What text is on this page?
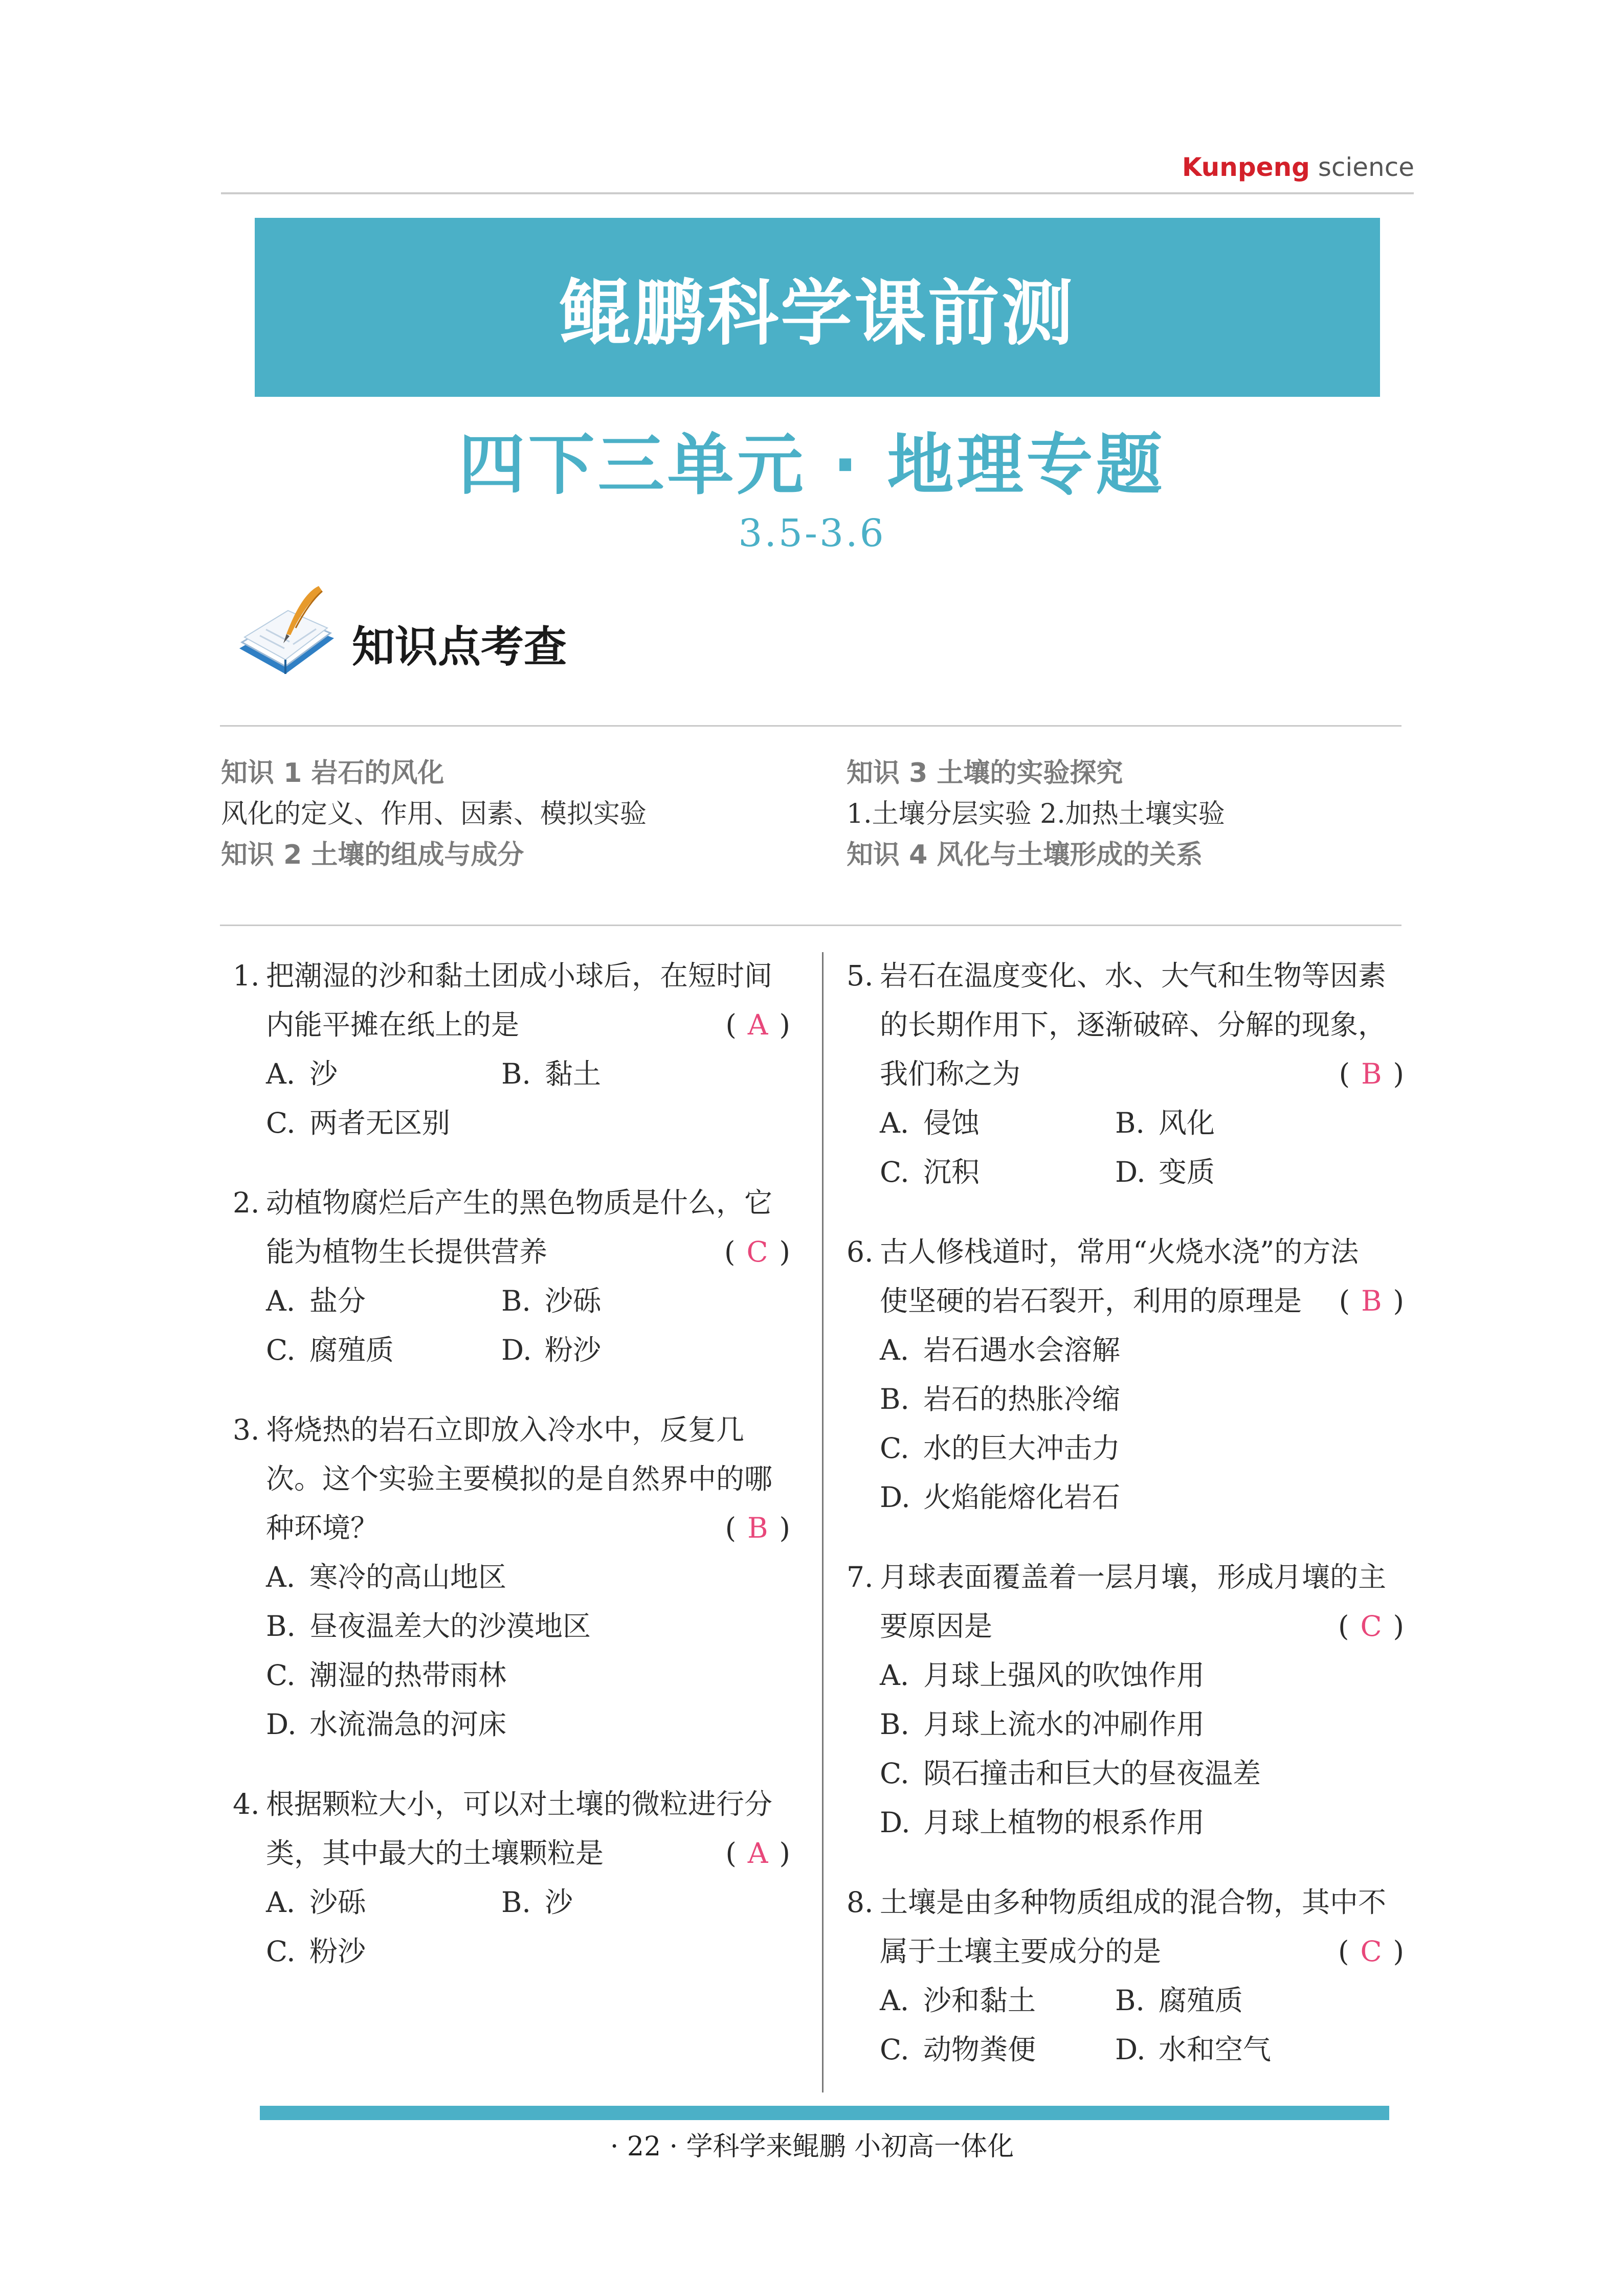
Kunpeng science
鲲鹏科学课前测
四下三单元 · 地理专题
3.5-3.6
知识点考查
知识 1 岩石的风化
风化的定义、作用、因素、模拟实验
知识 2 土壤的组成与成分
知识 3 土壤的实验探究
1.土壤分层实验 2.加热土壤实验
知识 4 风化与土壤形成的关系
1. 把潮湿的沙和黏土团成小球后，在短时间
内能平摊在纸上的是	( A )
A. 沙	B. 黏土
C. 两者无区别
2. 动植物腐烂后产生的黑色物质是什么，它
能为植物生长提供营养	( C )
A. 盐分	B. 沙砾
C. 腐殖质	D. 粉沙
3. 将烧热的岩石立即放入冷水中，反复几
次。这个实验主要模拟的是自然界中的哪
种环境？	( B )
A. 寒冷的高山地区
B. 昼夜温差大的沙漠地区
C. 潮湿的热带雨林
D. 水流湍急的河床
4. 根据颗粒大小，可以对土壤的微粒进行分
类，其中最大的土壤颗粒是	( A )
A. 沙砾	B. 沙
C. 粉沙
5. 岩石在温度变化、水、大气和生物等因素
的长期作用下，逐渐破碎、分解的现象，
我们称之为	( B )
A. 侵蚀	B. 风化
C. 沉积	D. 变质
6. 古人修栈道时，常用“火烧水浇”的方法
使坚硬的岩石裂开，利用的原理是	( B )
A. 岩石遇水会溶解
B. 岩石的热胀冷缩
C. 水的巨大冲击力
D. 火焰能熔化岩石
7. 月球表面覆盖着一层月壤，形成月壤的主
要原因是	( C )
A. 月球上强风的吹蚀作用
B. 月球上流水的冲刷作用
C. 陨石撞击和巨大的昼夜温差
D. 月球上植物的根系作用
8. 土壤是由多种物质组成的混合物，其中不
属于土壤主要成分的是	( C )
A. 沙和黏土	B. 腐殖质
C. 动物粪便	D. 水和空气
· 22 · 学科学来鲲鹏 小初高一体化
